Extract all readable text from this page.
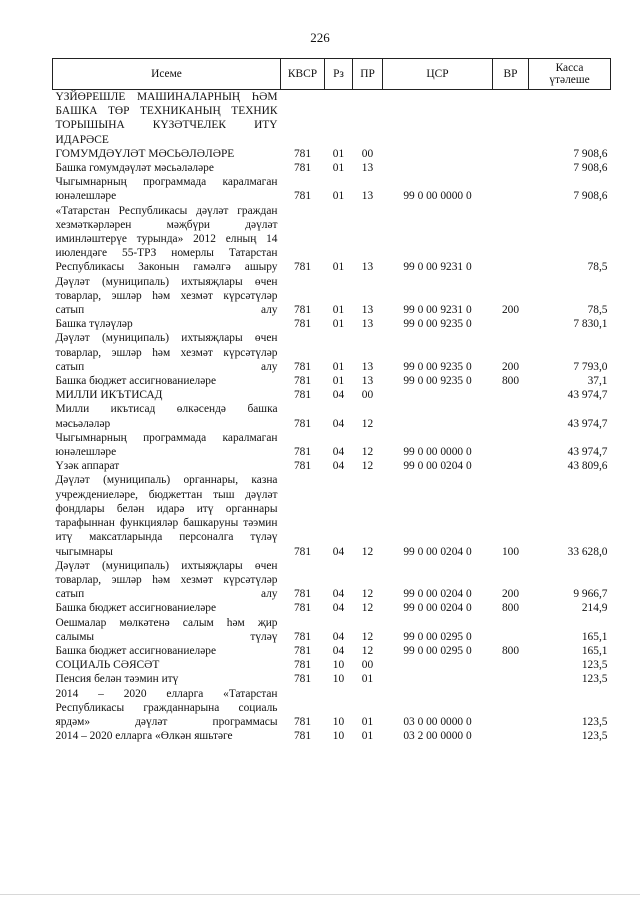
226
Исеме	КВСР	Рз	ПР	ЦСР	ВР	Касса
үтәлеше

ҮЗЙӨРЕШЛЕ МАШИНАЛАРНЫҢ ҺӘМ БАШКА ТӨР ТЕХНИКАНЫҢ ТЕХНИК ТОРЫШЫНА КҮЗӘТЧЕЛЕК ИТҮ ИДАРӘСЕ						
ГОМУМДӘҮЛӘТ МӘСЬӘЛӘЛӘРЕ	781	01	00			7 908,6
Башка гомумдәүләт мәсьәләләре	781	01	13			7 908,6
Чыгымнарның программада каралмаган юнәлешләре	781	01	13	99 0 00 0000 0		7 908,6
«Татарстан Республикасы дәүләт граждан хезмәткәрләрен мәҗбүри дәүләт иминләштерүе турында» 2012 елның 14 июлендәге 55-ТРЗ номерлы Татарстан Республикасы Законын гамәлгә ашыру	781	01	13	99 0 00 9231 0		78,5
Дәүләт (муниципаль) ихтыяҗлары өчен товарлар, эшләр һәм хезмәт күрсәтүләр сатып алу	781	01	13	99 0 00 9231 0	200	78,5
Башка түләүләр	781	01	13	99 0 00 9235 0		7 830,1
Дәүләт (муниципаль) ихтыяҗлары өчен товарлар, эшләр һәм хезмәт күрсәтүләр сатып алу	781	01	13	99 0 00 9235 0	200	7 793,0
Башка бюджет ассигнованиеләре	781	01	13	99 0 00 9235 0	800	37,1
МИЛЛИ ИКЪТИСАД	781	04	00			43 974,7
Милли икътисад өлкәсендә башка мәсьәләләр	781	04	12			43 974,7
Чыгымнарның программада каралмаган юнәлешләре	781	04	12	99 0 00 0000 0		43 974,7
Үзәк аппарат	781	04	12	99 0 00 0204 0		43 809,6
Дәүләт (муниципаль) органнары, казна учреждениеләре, бюджеттан тыш дәүләт фондлары белән идарә итү органнары тарафыннан функцияләр башкаруны тәэмин итү максатларында персоналга түләү чыгымнары	781	04	12	99 0 00 0204 0	100	33 628,0
Дәүләт (муниципаль) ихтыяҗлары өчен товарлар, эшләр һәм хезмәт күрсәтүләр сатып алу	781	04	12	99 0 00 0204 0	200	9 966,7
Башка бюджет ассигнованиеләре	781	04	12	99 0 00 0204 0	800	214,9
Оешмалар мөлкәтенә салым һәм җир салымы түләү	781	04	12	99 0 00 0295 0		165,1
Башка бюджет ассигнованиеләре	781	04	12	99 0 00 0295 0	800	165,1
СОЦИАЛЬ СӘЯСӘТ	781	10	00			123,5
Пенсия белән тәэмин итү	781	10	01			123,5
2014 – 2020 елларга «Татарстан Республикасы гражданнарына социаль ярдәм» дәүләт программасы	781	10	01	03 0 00 0000 0		123,5
2014 – 2020 елларга «Өлкән яшьтәге	781	10	01	03 2 00 0000 0		123,5
